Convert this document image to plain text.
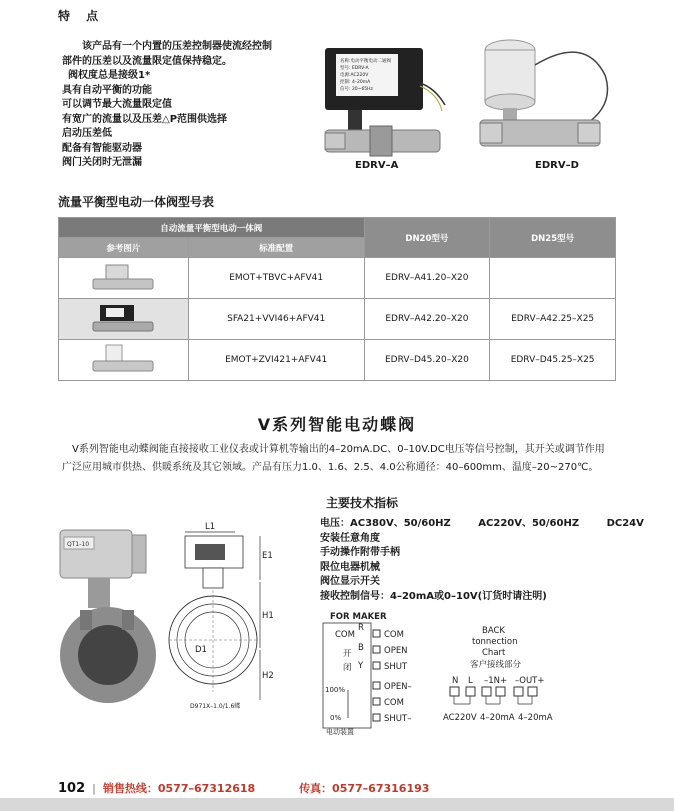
特 点
该产品有一个内置的压差控制器使流经控制
部件的压差以及流量限定值保持稳定。
阀权度总是接级1*
具有自动平衡的功能
可以调节最大流量限定值
有宽广的流量以及压差△P范围供选择
启动压差低
配备有智能驱动器
阀门关闭时无泄漏
名称:电动平衡电动二通阀
型号: EDRV-A
电源:AC220V
控制: 4–20mA
信号: 20~65Hz
EDRV–A	EDRV–D
流量平衡型电动一体阀型号表
自动流量平衡型电动一体阀		DN20型号	DN25型号
参考图片	标准配置		
	EMOT+TBVC+AFV41	EDRV–A41.20–X20	
	SFA21+VVI46+AFV41	EDRV–A42.20–X20	EDRV–A42.25–X25
	EMOT+ZVI421+AFV41	EDRV–D45.20–X20	EDRV–D45.25–X25
V系列智能电动蝶阀
V系列智能电动蝶阀能直接接收工业仪表或计算机等输出的4–20mA.DC、0–10V.DC电压等信号控制，其开关或调节作用
广泛应用城市供热、供暖系统及其它领域。产品有压力1.0、1.6、2.5、4.0公称通径：40–600mm、温度–20~270℃。
主要技术指标
电压：AC380V、50/60HZ	AC220V、50/60HZ	DC24V
安装任意角度
手动操作附带手柄
限位电器机械
阀位显示开关
接收控制信号：4–20mA或0–10V(订货时请注明)
QT1-10
L1
E1
H1
H2
D1
D971X–1.0/1.6蝶
FOR MAKER
COM
R
B
开
Y
闭
100%
0%
电动装置
COM
OPEN
SHUT
OPEN–
COM
SHUT–
BACK
tonnection
Chart
客户接线部分
N L –1N+ –OUT+
AC220V 4–20mA 4–20mA
102 | 销售热线：0577–67312618	传真：0577–67316193
